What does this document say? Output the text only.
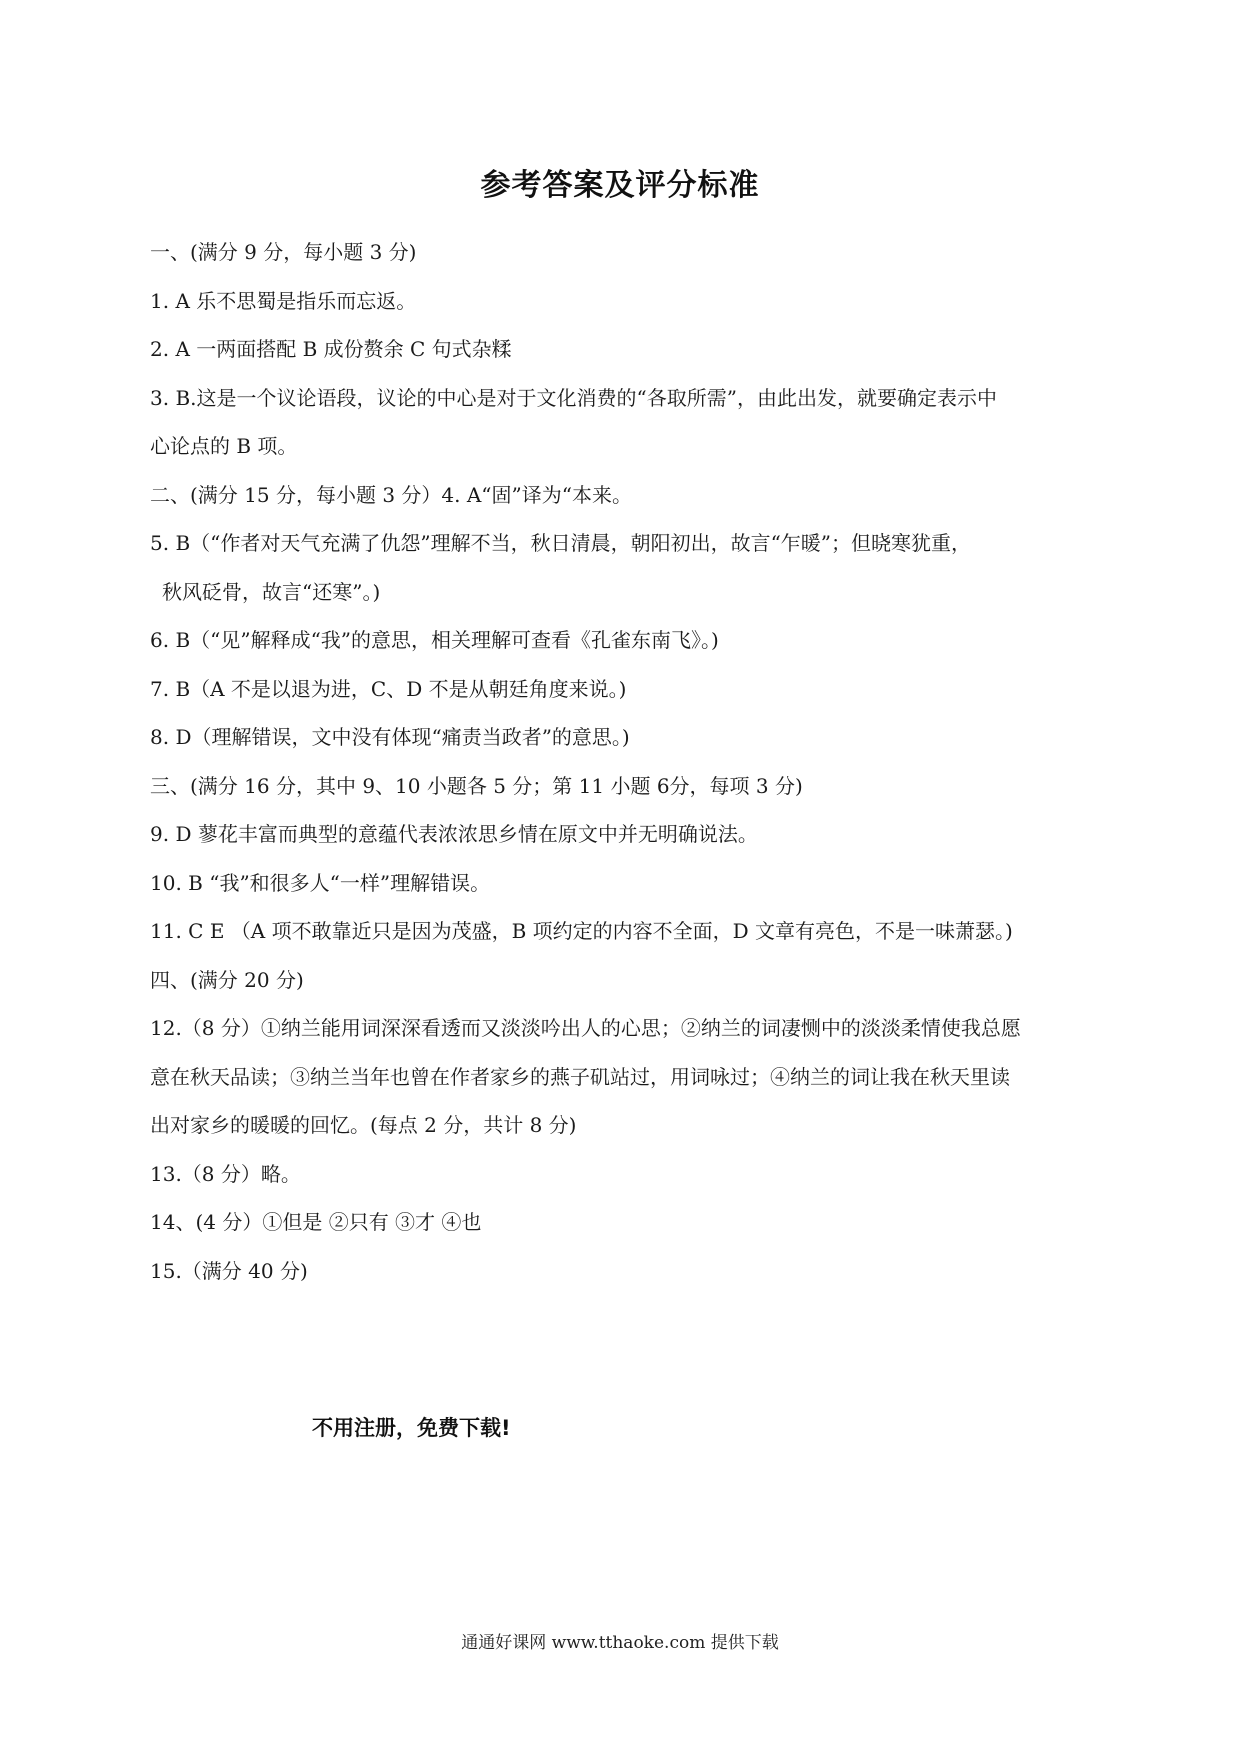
参考答案及评分标准
一、(满分 9 分，每小题 3 分)
1. A 乐不思蜀是指乐而忘返。
2. A 一两面搭配 B 成份赘余 C 句式杂糅
3. B.这是一个议论语段，议论的中心是对于文化消费的“各取所需”，由此出发，就要确定表示中
心论点的 B 项。
二、(满分 15 分，每小题 3 分）4. A“固”译为“本来。
5. B（“作者对天气充满了仇怨”理解不当，秋日清晨，朝阳初出，故言“乍暖”；但晓寒犹重，
秋风砭骨，故言“还寒”。)
6. B（“见”解释成“我”的意思，相关理解可查看《孔雀东南飞》。)
7. B（A 不是以退为进，C、D 不是从朝廷角度来说。)
8. D（理解错误，文中没有体现“痛责当政者”的意思。)
三、(满分 16 分，其中 9、10 小题各 5 分；第 11 小题 6分，每项 3 分)
9. D 蓼花丰富而典型的意蕴代表浓浓思乡情在原文中并无明确说法。
10. B “我”和很多人“一样”理解错误。
11. C E （A 项不敢靠近只是因为茂盛，B 项约定的内容不全面，D 文章有亮色，不是一味萧瑟。)
四、(满分 20 分)
12.（8 分）①纳兰能用词深深看透而又淡淡吟出人的心思；②纳兰的词凄恻中的淡淡柔情使我总愿
意在秋天品读；③纳兰当年也曾在作者家乡的燕子矶站过，用词咏过；④纳兰的词让我在秋天里读
出对家乡的暖暖的回忆。(每点 2 分，共计 8 分)
13.（8 分）略。
14、(4 分）①但是 ②只有 ③才 ④也
15.（满分 40 分)
不用注册，免费下载!
通通好课网 www.tthaoke.com 提供下载
